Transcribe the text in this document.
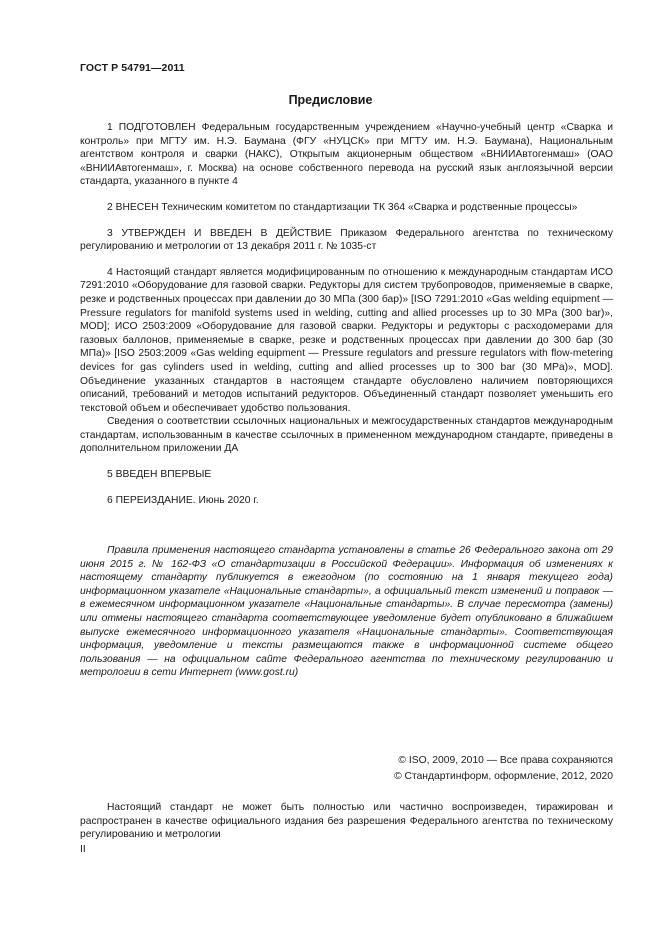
ГОСТ Р 54791—2011
Предисловие

1 ПОДГОТОВЛЕН Федеральным государственным учреждением «Научно-учебный центр «Сварка и контроль» при МГТУ им. Н.Э. Баумана (ФГУ «НУЦСК» при МГТУ им. Н.Э. Баумана), Национальным агентством контроля и сварки (НАКС), Открытым акционерным обществом «ВНИИАвтогенмаш» (ОАО «ВНИИАвтогенмаш», г. Москва) на основе собственного перевода на русский язык англоязычной версии стандарта, указанного в пункте 4

2 ВНЕСЕН Техническим комитетом по стандартизации ТК 364 «Сварка и родственные процессы»

3 УТВЕРЖДЕН И ВВЕДЕН В ДЕЙСТВИЕ Приказом Федерального агентства по техническому регулированию и метрологии от 13 декабря 2011 г. № 1035-ст

4 Настоящий стандарт является модифицированным по отношению к международным стандартам ИСО 7291:2010 «Оборудование для газовой сварки. Редукторы для систем трубопроводов, применяемые в сварке, резке и родственных процессах при давлении до 30 МПа (300 бар)» [ISO 7291:2010 «Gas welding equipment — Pressure regulators for manifold systems used in welding, cutting and allied processes up to 30 MPa (300 bar)», MOD]; ИСО 2503:2009 «Оборудование для газовой сварки. Редукторы и редукторы с расходомерами для газовых баллонов, применяемые в сварке, резке и родственных процессах при давлении до 300 бар (30 МПа)» [ISO 2503:2009 «Gas welding equipment — Pressure regulators and pressure regulators with flow-metering devices for gas cylinders used in welding, cutting and allied processes up to 300 bar (30 MPa)», MOD]. Объединение указанных стандартов в настоящем стандарте обусловлено наличием повторяющихся описаний, требований и методов испытаний редукторов. Объединенный стандарт позволяет уменьшить его текстовой объем и обеспечивает удобство пользования.

Сведения о соответствии ссылочных национальных и межгосударственных стандартов международным стандартам, использованным в качестве ссылочных в примененном международном стандарте, приведены в дополнительном приложении ДА

5 ВВЕДЕН ВПЕРВЫЕ

6 ПЕРЕИЗДАНИЕ. Июнь 2020 г.

Правила применения настоящего стандарта установлены в статье 26 Федерального закона от 29 июня 2015 г. № 162-ФЗ «О стандартизации в Российской Федерации». Информация об изменениях к настоящему стандарту публикуется в ежегодном (по состоянию на 1 января текущего года) информационном указателе «Национальные стандарты», а официальный текст изменений и поправок — в ежемесячном информационном указателе «Национальные стандарты». В случае пересмотра (замены) или отмены настоящего стандарта соответствующее уведомление будет опубликовано в ближайшем выпуске ежемесячного информационного указателя «Национальные стандарты». Соответствующая информация, уведомление и тексты размещаются также в информационной системе общего пользования — на официальном сайте Федерального агентства по техническому регулированию и метрологии в сети Интернет (www.gost.ru)

© ISO, 2009, 2010 — Все права сохраняются
© Стандартинформ, оформление, 2012, 2020

Настоящий стандарт не может быть полностью или частично воспроизведен, тиражирован и распространен в качестве официального издания без разрешения Федерального агентства по техническому регулированию и метрологии

II
